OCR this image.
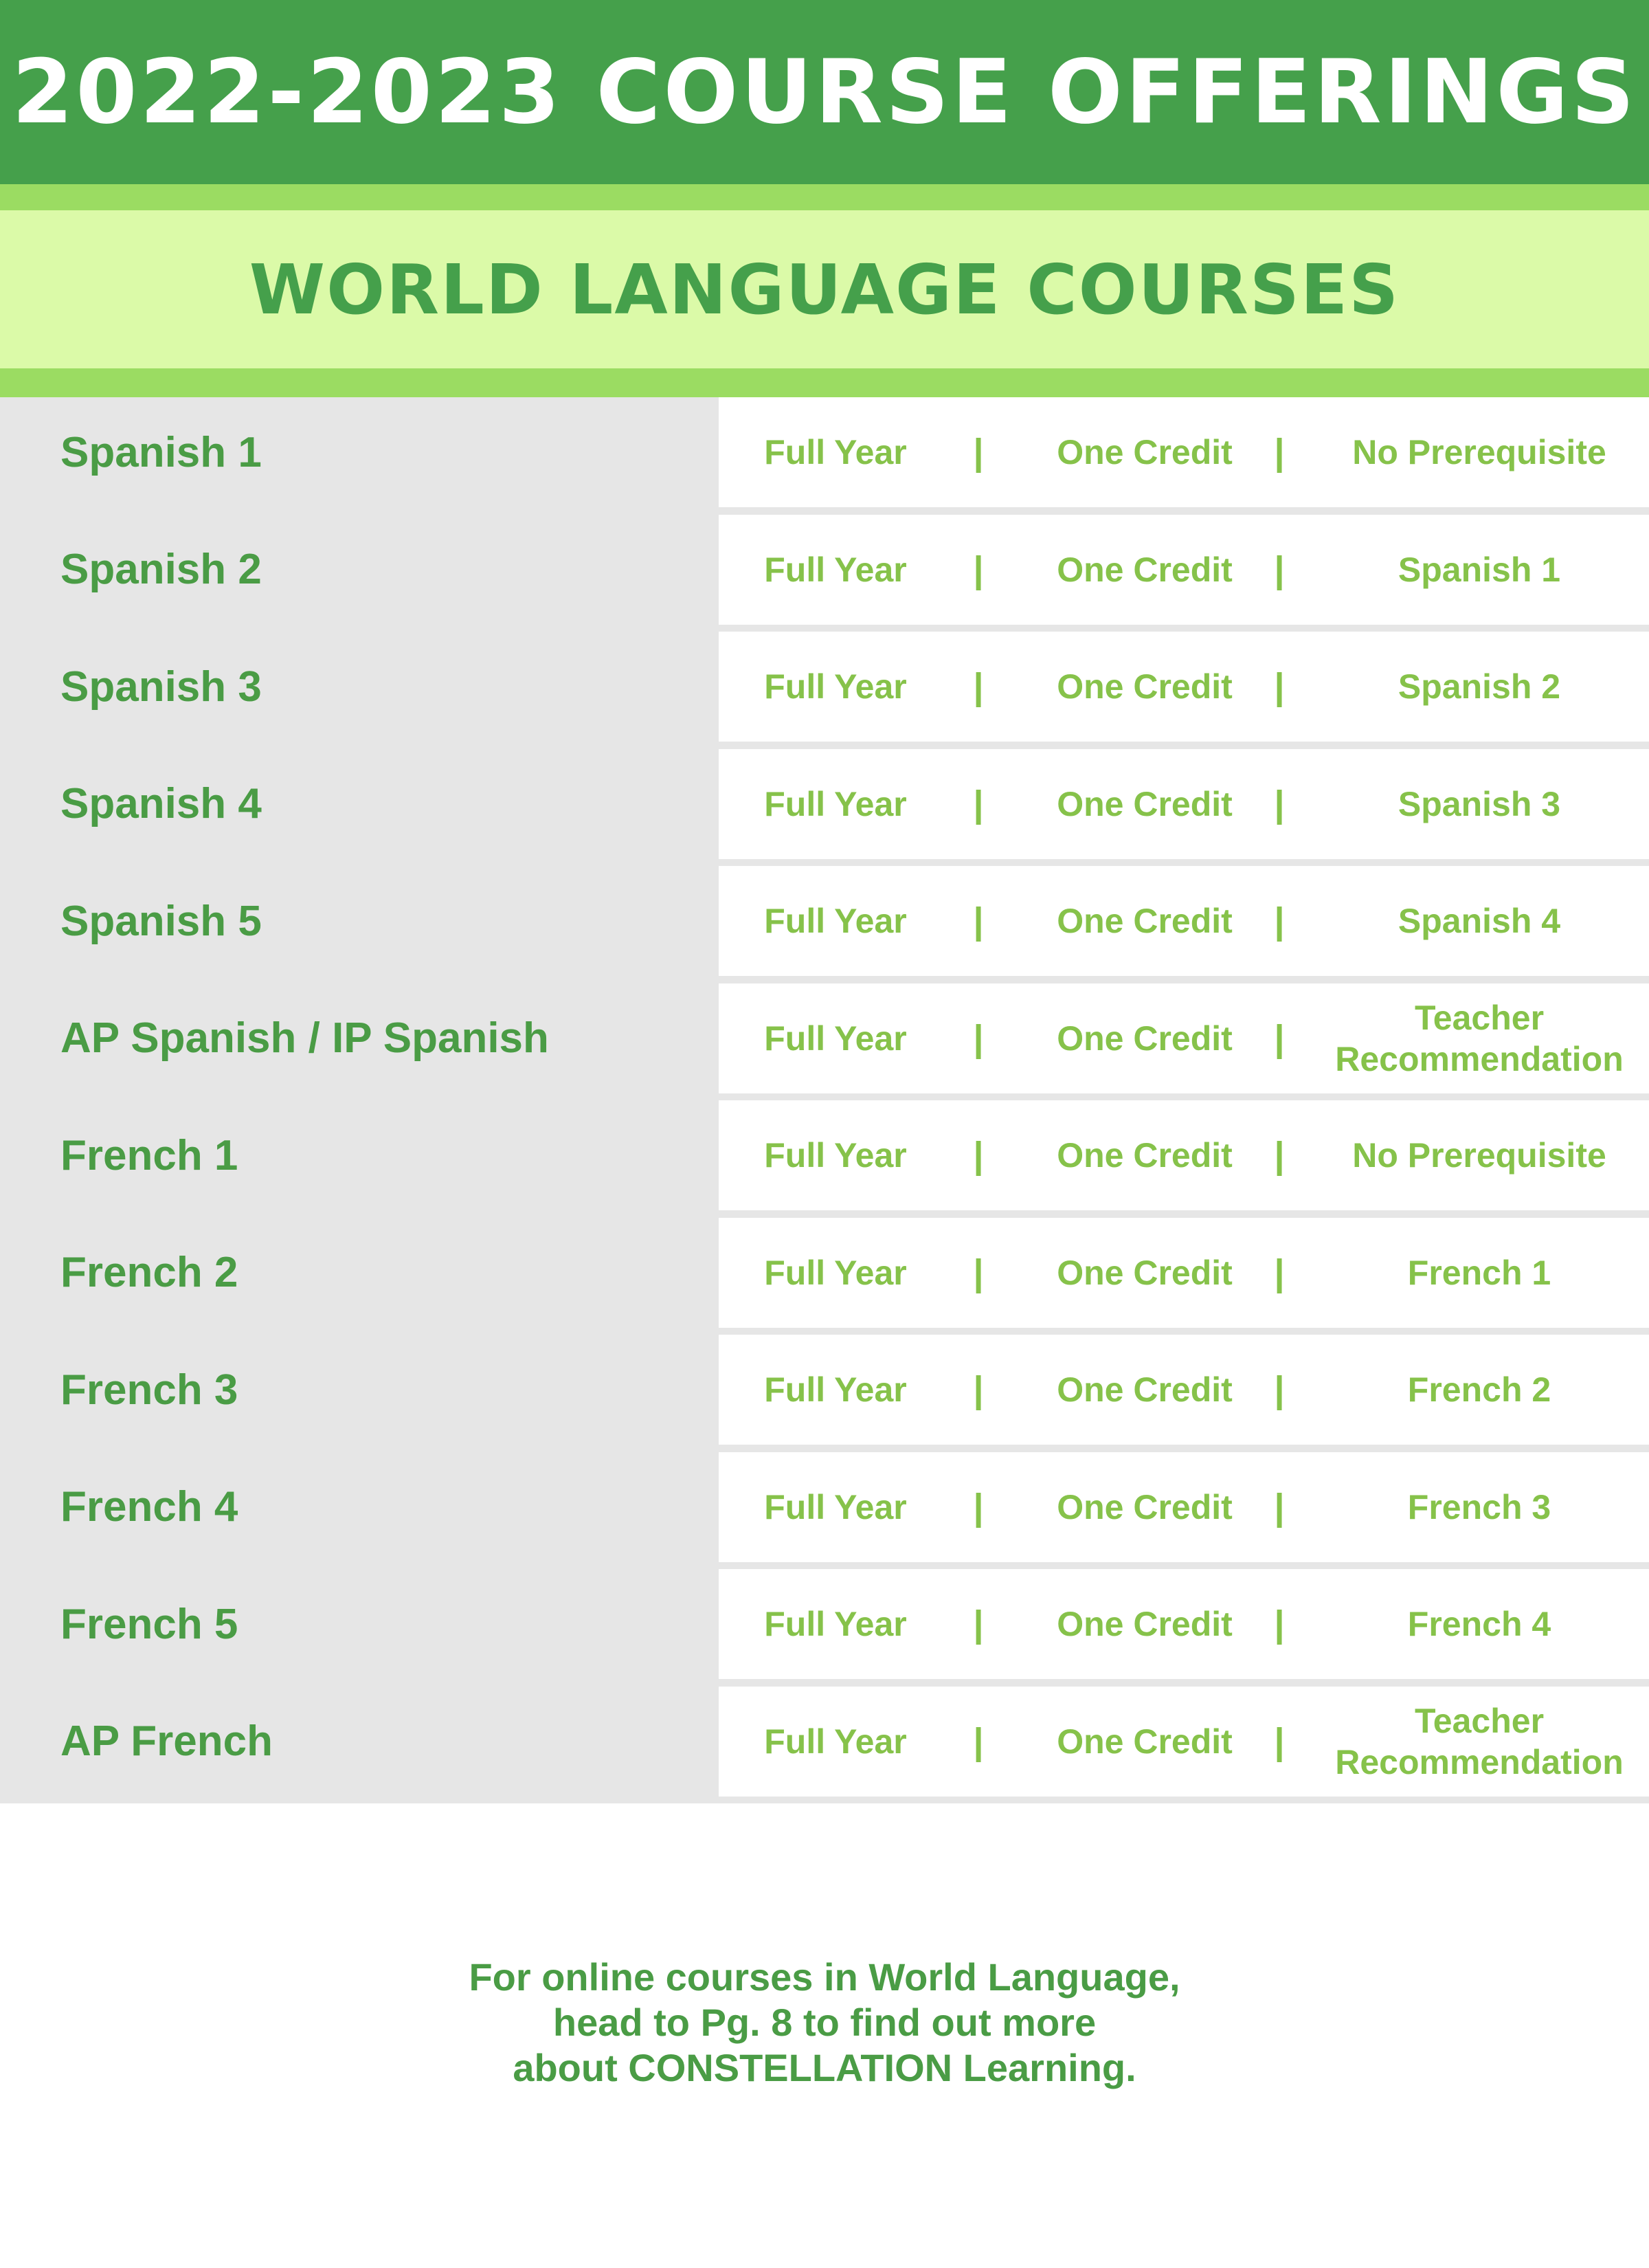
2022-2023 COURSE OFFERINGS
WORLD LANGUAGE COURSES
Spanish 1	Full Year	|	One Credit	|	No Prerequisite
Spanish 2	Full Year	|	One Credit	|	Spanish 1
Spanish 3	Full Year	|	One Credit	|	Spanish 2
Spanish 4	Full Year	|	One Credit	|	Spanish 3
Spanish 5	Full Year	|	One Credit	|	Spanish 4
AP Spanish / IP Spanish	Full Year	|	One Credit	|	Teacher Recommendation
French 1	Full Year	|	One Credit	|	No Prerequisite
French 2	Full Year	|	One Credit	|	French 1
French 3	Full Year	|	One Credit	|	French 2
French 4	Full Year	|	One Credit	|	French 3
French 5	Full Year	|	One Credit	|	French 4
AP French	Full Year	|	One Credit	|	Teacher Recommendation
For online courses in World Language,
head to Pg. 8 to find out more
about CONSTELLATION Learning.
